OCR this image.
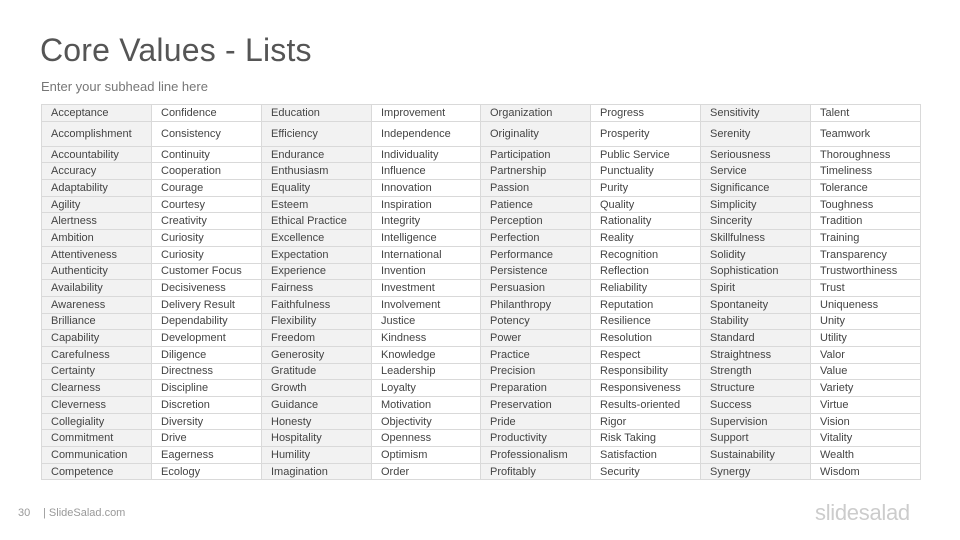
Core Values - Lists
Enter your subhead line here
Acceptance	Confidence	Education	Improvement	Organization	Progress	Sensitivity	Talent
Accomplishment	Consistency	Efficiency	Independence	Originality	Prosperity	Serenity	Teamwork
Accountability	Continuity	Endurance	Individuality	Participation	Public Service	Seriousness	Thoroughness
Accuracy	Cooperation	Enthusiasm	Influence	Partnership	Punctuality	Service	Timeliness
Adaptability	Courage	Equality	Innovation	Passion	Purity	Significance	Tolerance
Agility	Courtesy	Esteem	Inspiration	Patience	Quality	Simplicity	Toughness
Alertness	Creativity	Ethical Practice	Integrity	Perception	Rationality	Sincerity	Tradition
Ambition	Curiosity	Excellence	Intelligence	Perfection	Reality	Skillfulness	Training
Attentiveness	Curiosity	Expectation	International	Performance	Recognition	Solidity	Transparency
Authenticity	Customer Focus	Experience	Invention	Persistence	Reflection	Sophistication	Trustworthiness
Availability	Decisiveness	Fairness	Investment	Persuasion	Reliability	Spirit	Trust
Awareness	Delivery Result	Faithfulness	Involvement	Philanthropy	Reputation	Spontaneity	Uniqueness
Brilliance	Dependability	Flexibility	Justice	Potency	Resilience	Stability	Unity
Capability	Development	Freedom	Kindness	Power	Resolution	Standard	Utility
Carefulness	Diligence	Generosity	Knowledge	Practice	Respect	Straightness	Valor
Certainty	Directness	Gratitude	Leadership	Precision	Responsibility	Strength	Value
Clearness	Discipline	Growth	Loyalty	Preparation	Responsiveness	Structure	Variety
Cleverness	Discretion	Guidance	Motivation	Preservation	Results-oriented	Success	Virtue
Collegiality	Diversity	Honesty	Objectivity	Pride	Rigor	Supervision	Vision
Commitment	Drive	Hospitality	Openness	Productivity	Risk Taking	Support	Vitality
Communication	Eagerness	Humility	Optimism	Professionalism	Satisfaction	Sustainability	Wealth
Competence	Ecology	Imagination	Order	Profitably	Security	Synergy	Wisdom
30 | SlideSalad.com	slidesalad
